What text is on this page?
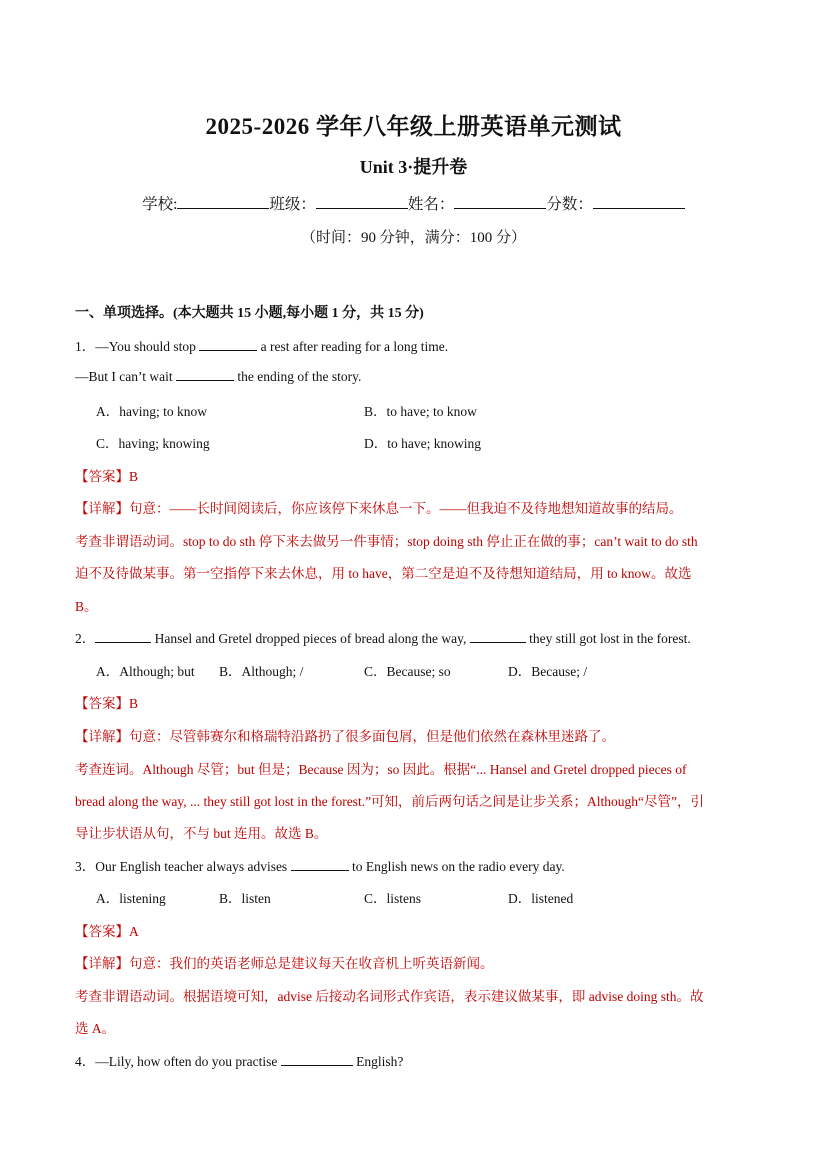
2025-2026 学年八年级上册英语单元测试
Unit 3·提升卷
学校:	班级：	姓名：	分数：
（时间：90 分钟，满分：100 分）
一、单项选择。(本大题共 15 小题,每小题 1 分，共 15 分)
1．—You should stop	a rest after reading for a long time.
—But I can’t wait	the ending of the story.
A．having; to know	B．to have; to know
C．having; knowing	D．to have; knowing
【答案】B
【详解】句意：——长时间阅读后，你应该停下来休息一下。——但我迫不及待地想知道故事的结局。
考查非谓语动词。stop to do sth 停下来去做另一件事情；stop doing sth 停止正在做的事；can’t wait to do sth
迫不及待做某事。第一空指停下来去休息，用 to have，第二空是迫不及待想知道结局，用 to know。故选
B。
2．	Hansel and Gretel dropped pieces of bread along the way,	they still got lost in the forest.
A．Although; but B．Although; /	C．Because; so	D．Because; /
【答案】B
【详解】句意：尽管韩赛尔和格瑞特沿路扔了很多面包屑，但是他们依然在森林里迷路了。
考查连词。Although 尽管；but 但是；Because 因为；so 因此。根据“... Hansel and Gretel dropped pieces of
bread along the way, ... they still got lost in the forest.”可知，前后两句话之间是让步关系；Although“尽管”，引
导让步状语从句，不与 but 连用。故选 B。
3．Our English teacher always advises	to English news on the radio every day.
A．listening	B．listen	C．listens	D．listened
【答案】A
【详解】句意：我们的英语老师总是建议每天在收音机上听英语新闻。
考查非谓语动词。根据语境可知，advise 后接动名词形式作宾语，表示建议做某事，即 advise doing sth。故
选 A。
4．—Lily, how often do you practise	English?
